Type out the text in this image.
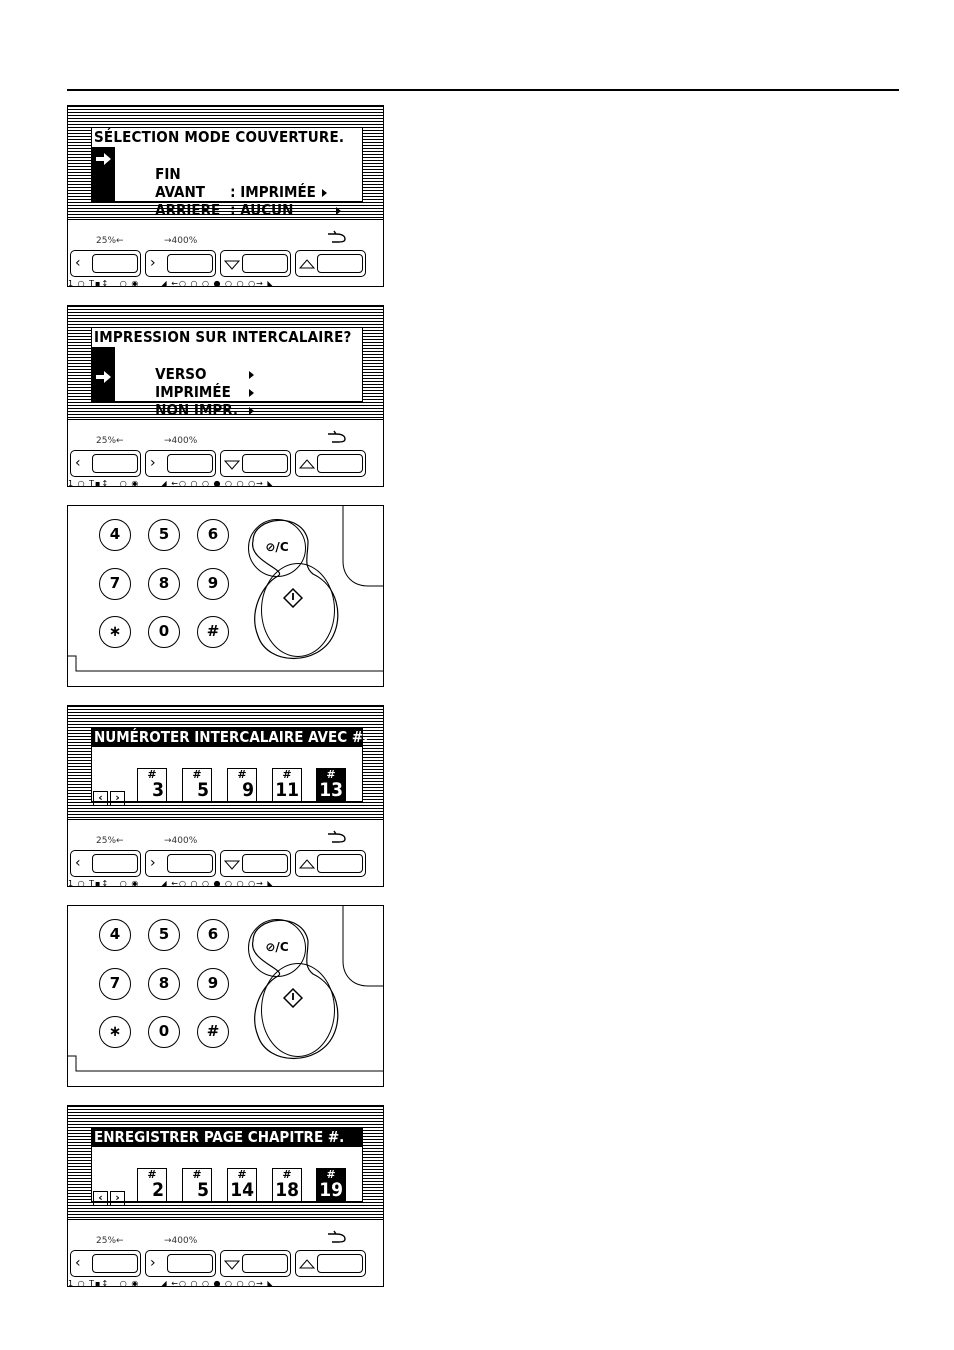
SÉLECTION MODE COUVERTURE.

FIN

AVANT : IMPRIMÉE

ARRIÈRE : AUCUN

25%←	→400%
‹	›
1 ○ T▪↕   ○ ◉      ◢ ←○ ○ ○ ● ○ ○ ○→ ◣
IMPRESSION SUR INTERCALAIRE?

VERSO

IMPRIMÉE

NON IMPR.

25%←	→400%
‹	›
1 ○ T▪↕   ○ ◉      ◢ ←○ ○ ○ ● ○ ○ ○→ ◣
4	5	6
7	8	9
∗	0	#
⊘/C
NUMÉROTER INTERCALAIRE AVEC #.
‹ ›
#
3
#
5
#
9
#
11
#
13
25%←	→400%
‹	›
1 ○ T▪↕   ○ ◉      ◢ ←○ ○ ○ ● ○ ○ ○→ ◣
4	5	6
7	8	9
∗	0	#
⊘/C
ENREGISTRER PAGE CHAPITRE #.
‹ ›
#
2
#
5
#
14
#
18
#
19
25%←	→400%
‹	›
1 ○ T▪↕   ○ ◉      ◢ ←○ ○ ○ ● ○ ○ ○→ ◣
